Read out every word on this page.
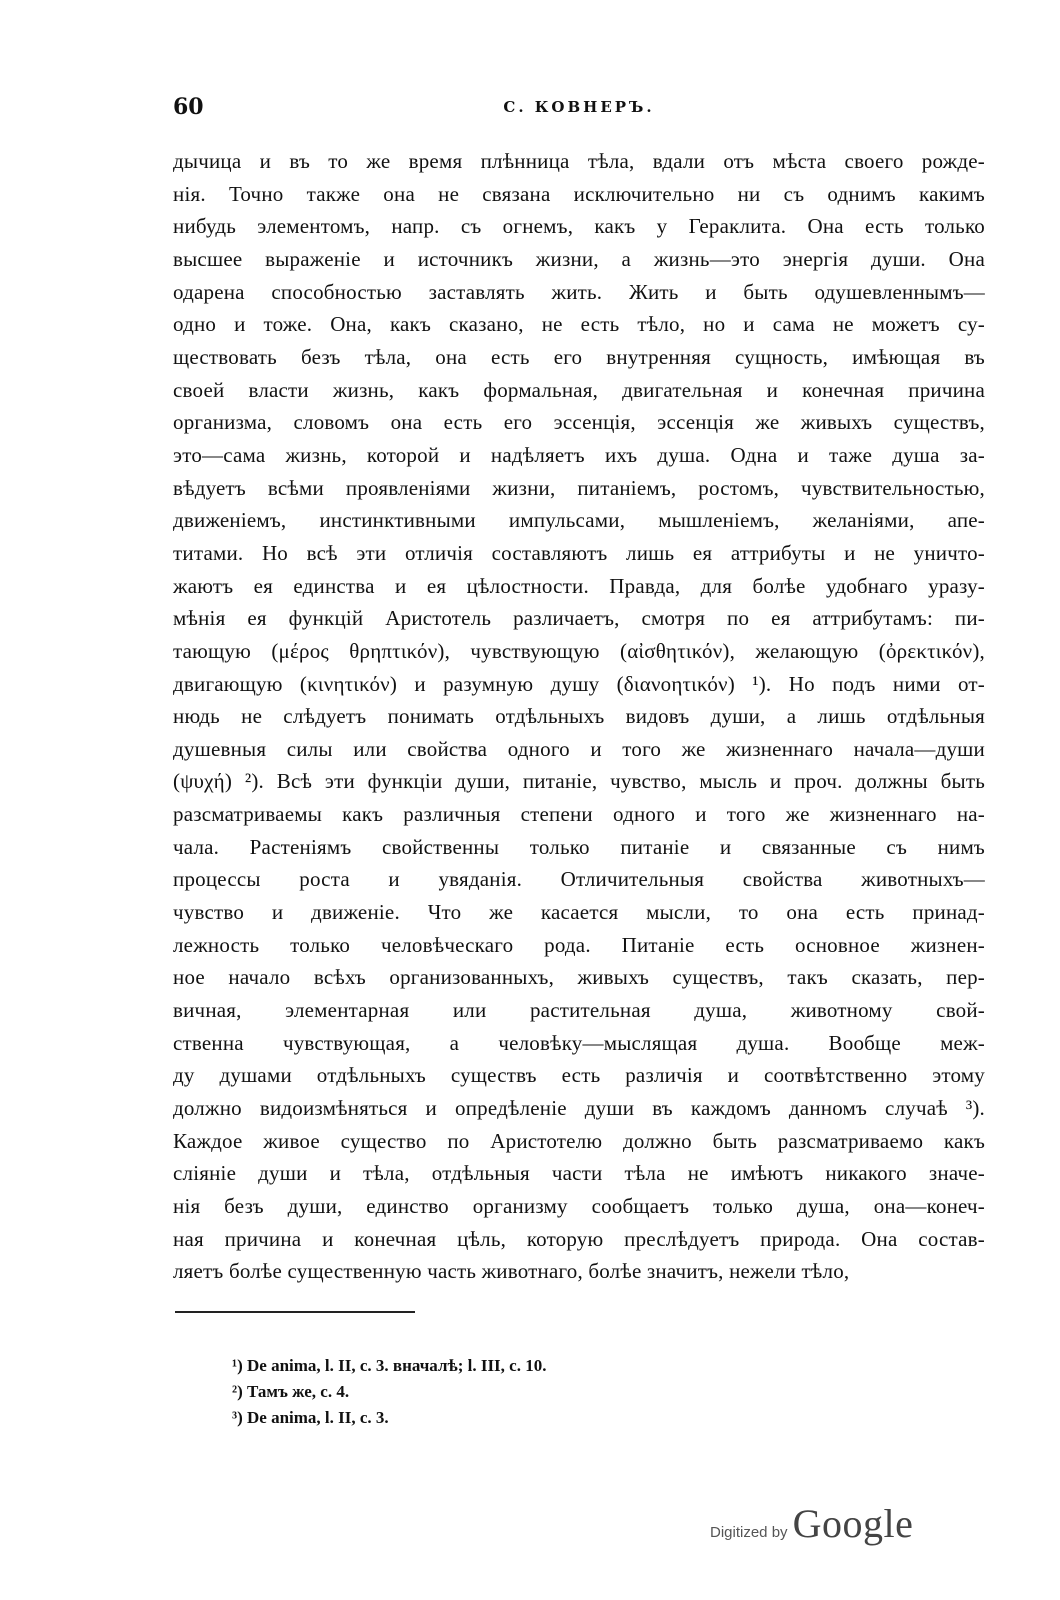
60	С. КОВНЕРЪ.
дычица и въ то же время плѣнница тѣла, вдали отъ мѣста своего рожде-
нія. Точно также она не связана исключительно ни съ однимъ какимъ
нибудь элементомъ, напр. съ огнемъ, какъ у Гераклита. Она есть только
высшее выраженіе и источникъ жизни, а жизнь—это энергія души. Она
одарена способностью заставлять жить. Жить и быть одушевленнымъ—
одно и тоже. Она, какъ сказано, не есть тѣло, но и сама не можетъ су-
ществовать безъ тѣла, она есть его внутренняя сущность, имѣющая въ
своей власти жизнь, какъ формальная, двигательная и конечная причина
организма, словомъ она есть его эссенція, эссенція же живыхъ существъ,
это—сама жизнь, которой и надѣляетъ ихъ душа. Одна и таже душа за-
вѣдуетъ всѣми проявленіями жизни, питаніемъ, ростомъ, чувствительностью,
движеніемъ, инстинктивными импульсами, мышленіемъ, желаніями, апе-
титами. Но всѣ эти отличія составляютъ лишь ея аттрибуты и не уничто-
жаютъ ея единства и ея цѣлостности. Правда, для болѣе удобнаго уразу-
мѣнія ея функцій Аристотель различаетъ, смотря по ея аттрибутамъ: пи-
тающую (μέρος θρηπτικόν), чувствующую (αἰσθητικόν), желающую (ὀρεκτικόν),
двигающую (κινητικόν) и разумную душу (διανοητικόν) ¹). Но подъ ними от-
нюдь не слѣдуетъ понимать отдѣльныхъ видовъ души, а лишь отдѣльныя
душевныя силы или свойства одного и того же жизненнаго начала—души
(ψυχή) ²). Всѣ эти функціи души, питаніе, чувство, мысль и проч. должны быть
разсматриваемы какъ различныя степени одного и того же жизненнаго на-
чала. Растеніямъ свойственны только питаніе и связанные съ нимъ
процессы роста и увяданія. Отличительныя свойства животныхъ—
чувство и движеніе. Что же касается мысли, то она есть принад-
лежность только человѣческаго рода. Питаніе есть основное жизнен-
ное начало всѣхъ организованныхъ, живыхъ существъ, такъ сказать, пер-
вичная, элементарная или растительная душа, животному свой-
ственна чувствующая, а человѣку—мыслящая душа. Вообще меж-
ду душами отдѣльныхъ существъ есть различія и соотвѣтственно этому
должно видоизмѣняться и опредѣленіе души въ каждомъ данномъ случаѣ ³).
Каждое живое существо по Аристотелю должно быть разсматриваемо какъ
сліяніе души и тѣла, отдѣльныя части тѣла не имѣютъ никакого значе-
нія безъ души, единство организму сообщаетъ только душа, она—конеч-
ная причина и конечная цѣль, которую преслѣдуетъ природа. Она состав-
ляетъ болѣе существенную часть животнаго, болѣе значитъ, нежели тѣло,
¹) De anima, l. II, c. 3. вначалѣ; l. III, c. 10.
²) Тамъ же, c. 4.
³) De anima, l. II, c. 3.
Digitized by Google
